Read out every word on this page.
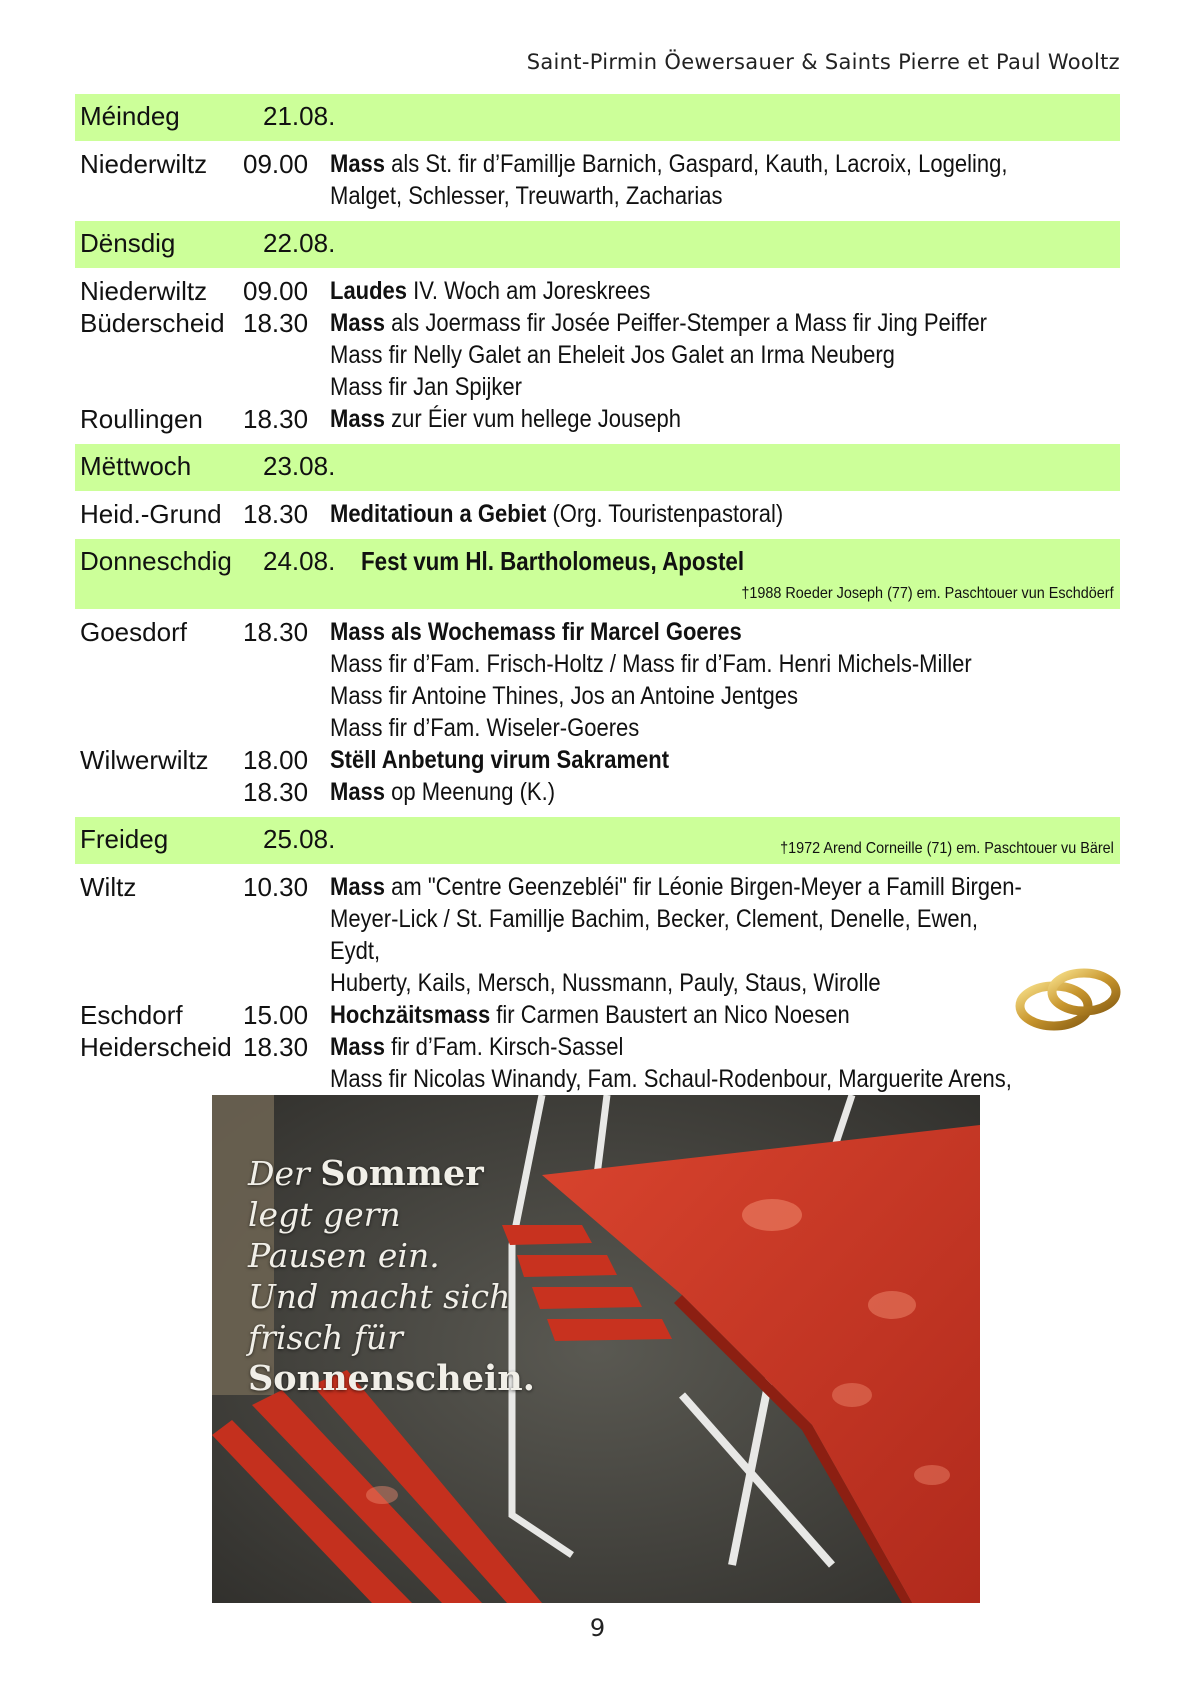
Saint-Pirmin Öewersauer & Saints Pierre et Paul Wooltz
Méindeg	21.08.
Niederwiltz	09.00 Mass als St. fir d’Famillje Barnich, Gaspard, Kauth, Lacroix, Logeling,
Malget, Schlesser, Treuwarth, Zacharias
Dënsdig	22.08.
Niederwiltz	09.00 Laudes IV. Woch am Joreskrees
Büderscheid 18.30 Mass als Joermass fir Josée Peiffer-Stemper a Mass fir Jing Peiffer
Mass fir Nelly Galet an Eheleit Jos Galet an Irma Neuberg
Mass fir Jan Spijker
Roullingen	18.30 Mass zur Éier vum hellege Jouseph
Mëttwoch	23.08.
Heid.-Grund 18.30 Meditatioun a Gebiet (Org. Touristenpastoral)
Donneschdig	24.08. Fest vum Hl. Bartholomeus, Apostel
†1988 Roeder Joseph (77) em. Paschtouer vun Eschdöerf
Goesdorf	18.30 Mass als Wochemass fir Marcel Goeres
Mass fir d’Fam. Frisch-Holtz / Mass fir d’Fam. Henri Michels-Miller
Mass fir Antoine Thines, Jos an Antoine Jentges
Mass fir d’Fam. Wiseler-Goeres
Wilwerwiltz	18.00 Stëll Anbetung virum Sakrament
18.30 Mass op Meenung (K.)
Freideg	25.08.	†1972 Arend Corneille (71) em. Paschtouer vu Bärel
Wiltz	10.30 Mass am "Centre Geenzebléi" fir Léonie Birgen-Meyer a Famill Birgen-
Meyer-Lick / St. Famillje Bachim, Becker, Clement, Denelle, Ewen, Eydt,
Huberty, Kails, Mersch, Nussmann, Pauly, Staus, Wirolle
Eschdorf	15.00 Hochzäitsmass fir Carmen Baustert an Nico Noesen
Heiderscheid 18.30 Mass fir d’Fam. Kirsch-Sassel
Mass fir Nicolas Winandy, Fam. Schaul-Rodenbour, Marguerite Arens,
Der Sommer
legt gern
Pausen ein.
Und macht sich
frisch für
Sonnenschein.
9
